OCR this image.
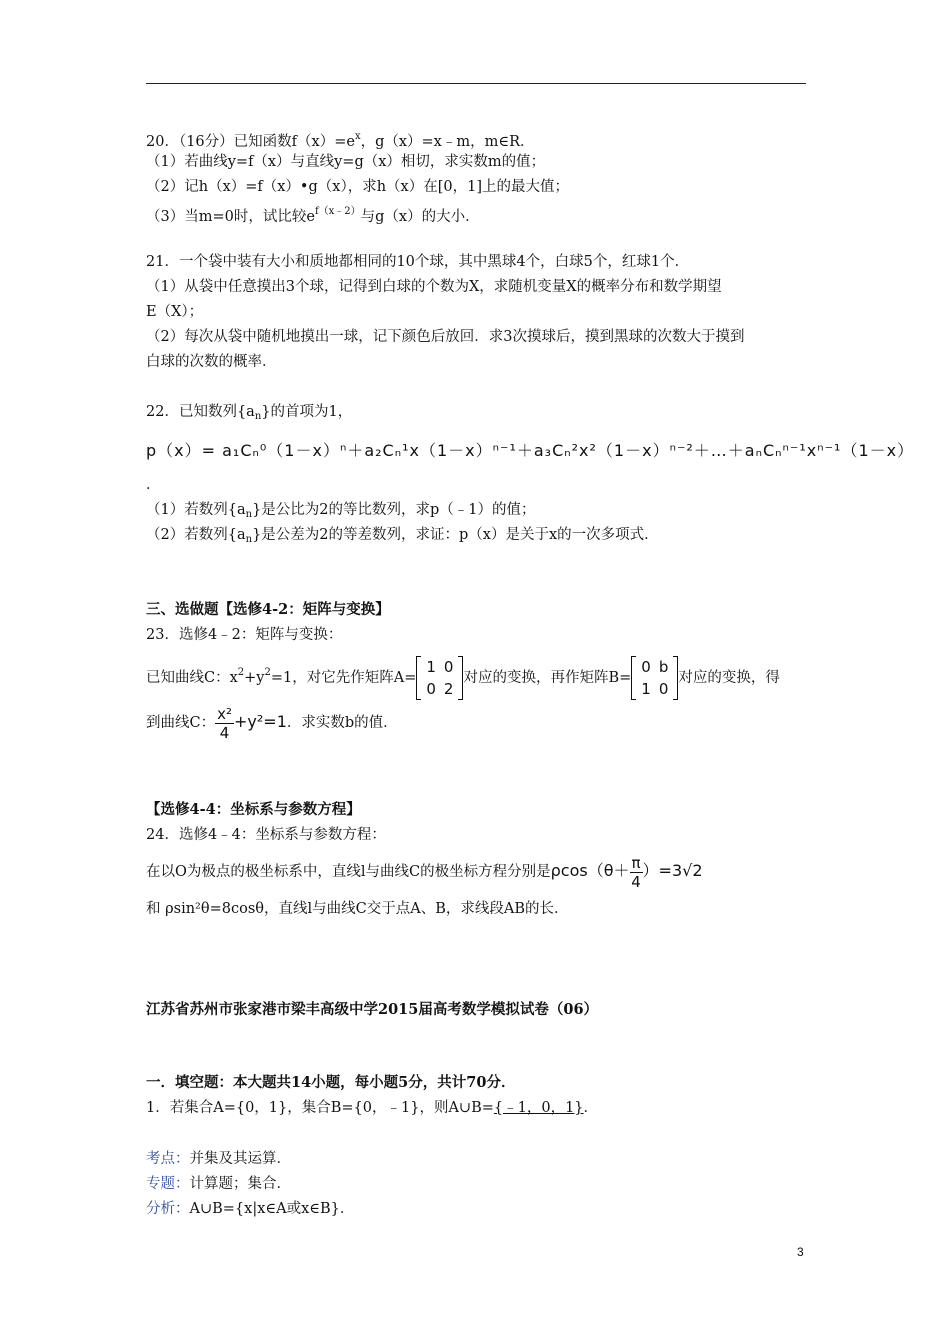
20．（16分）已知函数$f(x)=e^x$，g（x）=x﹣m，m∈R．
（1）若曲线y=f（x）与直线y=g（x）相切，求实数m的值；
（2）记h（x）=f（x）•g（x），求h（x）在[0，1]上的最大值；
（3）当m=0时，试比较$e^{f(x﹣2)}$与g（x）的大小．
21．一个袋中装有大小和质地都相同的10个球，其中黑球4个，白球5个，红球1个．
（1）从袋中任意摸出3个球，记得到白球的个数为X，求随机变量X的概率分布和数学期望
E（X）；
（2）每次从袋中随机地摸出一球，记下颜色后放回．求3次摸球后，摸到黑球的次数大于摸到
白球的次数的概率．
22．已知数列$\{a_n\}$的首项为1，
p（x）= a₁Cₙ⁰（1－x）ⁿ＋a₂Cₙ¹x（1－x）ⁿ⁻¹＋a₃Cₙ²x²（1－x）ⁿ⁻²＋…＋aₙCₙⁿ⁻¹xⁿ⁻¹（1－x）
．
（1）若数列$\{a_n\}$是公比为2的等比数列，求p（﹣1）的值；
（2）若数列$\{a_n\}$是公差为2的等差数列，求证：p（x）是关于x的一次多项式．
三、选做题【选修4-2：矩阵与变换】
23．选修4﹣2：矩阵与变换：
已知曲线C：$x^2+y^2=1$，对它先作矩阵A=
1	0
0	2
对应的变换，再作矩阵B=
0	b
1	0
对应的变换，得
到曲线C： $\frac{\text{x²}}{4} +y^2=1$．求实数b的值．
【选修4-4：坐标系与参数方程】
24．选修4﹣4：坐标系与参数方程：
在以O为极点的极坐标系中，直线l与曲线C的极坐标方程分别是$\rho\cos(\theta+ \frac{\pi}{4} )=3√2$
和 ρsin²θ=8cosθ，直线l与曲线C交于点A、B，求线段AB的长．
江苏省苏州市张家港市梁丰高级中学2015届高考数学模拟试卷（06）
一．填空题：本大题共14小题，每小题5分，共计70分．
1．若集合A={0，1}，集合B={0，﹣1}，则A∪B={﹣1，0，1}．
考点：并集及其运算．
专题：计算题；集合．
分析：A∪B={x|x∈A或x∈B}．
3
